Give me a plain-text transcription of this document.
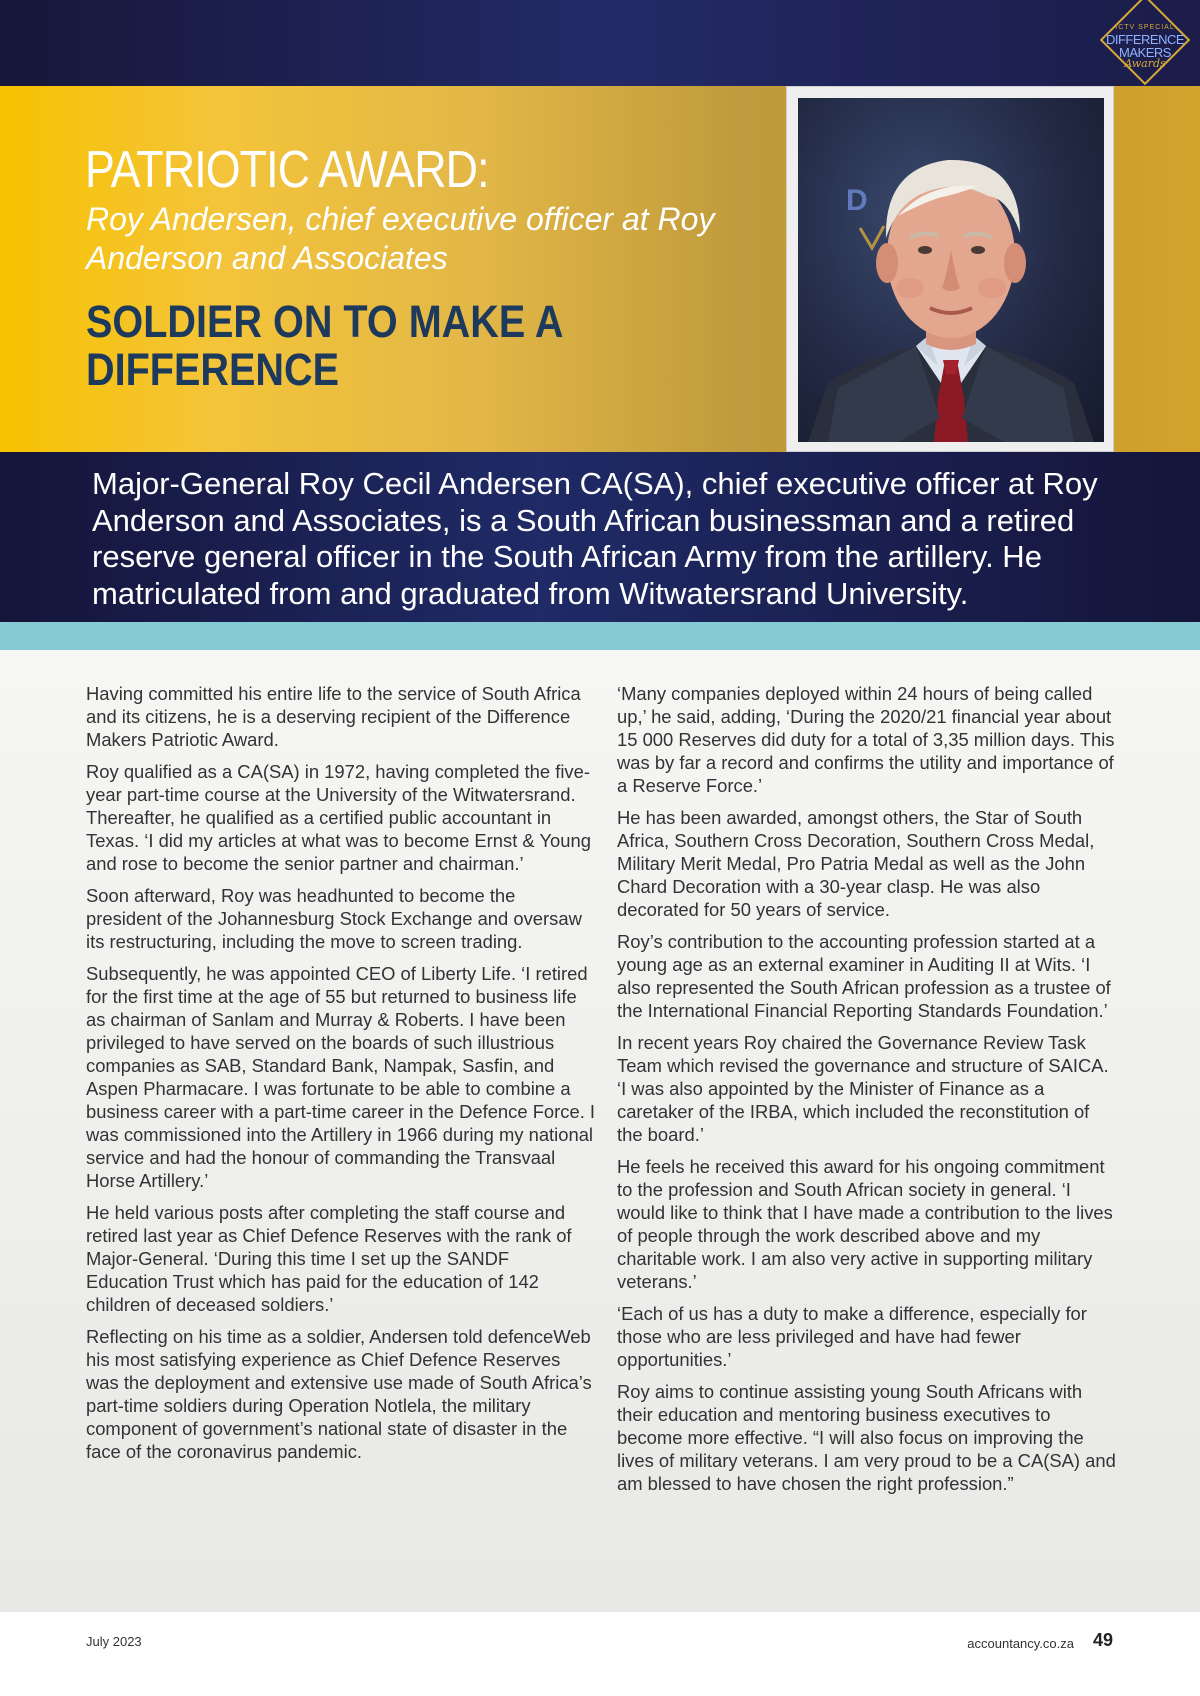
ICTV SPECIAL
DIFFERENCE
MAKERS
Awards
PATRIOTIC AWARD:
Roy Andersen, chief executive officer at Roy
Anderson and Associates
SOLDIER ON TO MAKE A
DIFFERENCE
D
Major-General Roy Cecil Andersen CA(SA), chief executive officer at Roy
Anderson and Associates, is a South African businessman and a retired
reserve general officer in the South African Army from the artillery. He
matriculated from and graduated from Witwatersrand University.

Having committed his entire life to the service of South Africa and its citizens, he is a deserving recipient of the Difference Makers Patriotic Award.

Roy qualified as a CA(SA) in 1972, having completed the five-year part-time course at the University of the Witwatersrand. Thereafter, he qualified as a certified public accountant in Texas. ‘I did my articles at what was to become Ernst & Young and rose to become the senior partner and chairman.’

Soon afterward, Roy was headhunted to become the president of the Johannesburg Stock Exchange and oversaw its restructuring, including the move to screen trading.

Subsequently, he was appointed CEO of Liberty Life. ‘I retired for the first time at the age of 55 but returned to business life as chairman of Sanlam and Murray & Roberts. I have been privileged to have served on the boards of such illustrious companies as SAB, Standard Bank, Nampak, Sasfin, and Aspen Pharmacare. I was fortunate to be able to combine a business career with a part-time career in the Defence Force. I was commissioned into the Artillery in 1966 during my national service and had the honour of commanding the Transvaal Horse Artillery.’

He held various posts after completing the staff course and retired last year as Chief Defence Reserves with the rank of Major-General. ‘During this time I set up the SANDF Education Trust which has paid for the education of 142 children of deceased soldiers.’

Reflecting on his time as a soldier, Andersen told defenceWeb his most satisfying experience as Chief Defence Reserves was the deployment and extensive use made of South Africa’s part-time soldiers during Operation Notlela, the military component of government’s national state of disaster in the face of the coronavirus pandemic.

‘Many companies deployed within 24 hours of being called up,’ he said, adding, ‘During the 2020/21 financial year about 15 000 Reserves did duty for a total of 3,35 million days. This was by far a record and confirms the utility and importance of a Reserve Force.’

He has been awarded, amongst others, the Star of South Africa, Southern Cross Decoration, Southern Cross Medal, Military Merit Medal, Pro Patria Medal as well as the John Chard Decoration with a 30-year clasp. He was also decorated for 50 years of service.

Roy’s contribution to the accounting profession started at a young age as an external examiner in Auditing II at Wits. ‘I also represented the South African profession as a trustee of the International Financial Reporting Standards Foundation.’

In recent years Roy chaired the Governance Review Task Team which revised the governance and structure of SAICA. ‘I was also appointed by the Minister of Finance as a caretaker of the IRBA, which included the reconstitution of the board.’

He feels he received this award for his ongoing commitment to the profession and South African society in general. ‘I would like to think that I have made a contribution to the lives of people through the work described above and my charitable work. I am also very active in supporting military veterans.’

‘Each of us has a duty to make a difference, especially for those who are less privileged and have had fewer opportunities.’

Roy aims to continue assisting young South Africans with their education and mentoring business executives to become more effective. “I will also focus on improving the lives of military veterans. I am very proud to be a CA(SA) and am blessed to have chosen the right profession.”

July 2023	accountancy.co.za 49
